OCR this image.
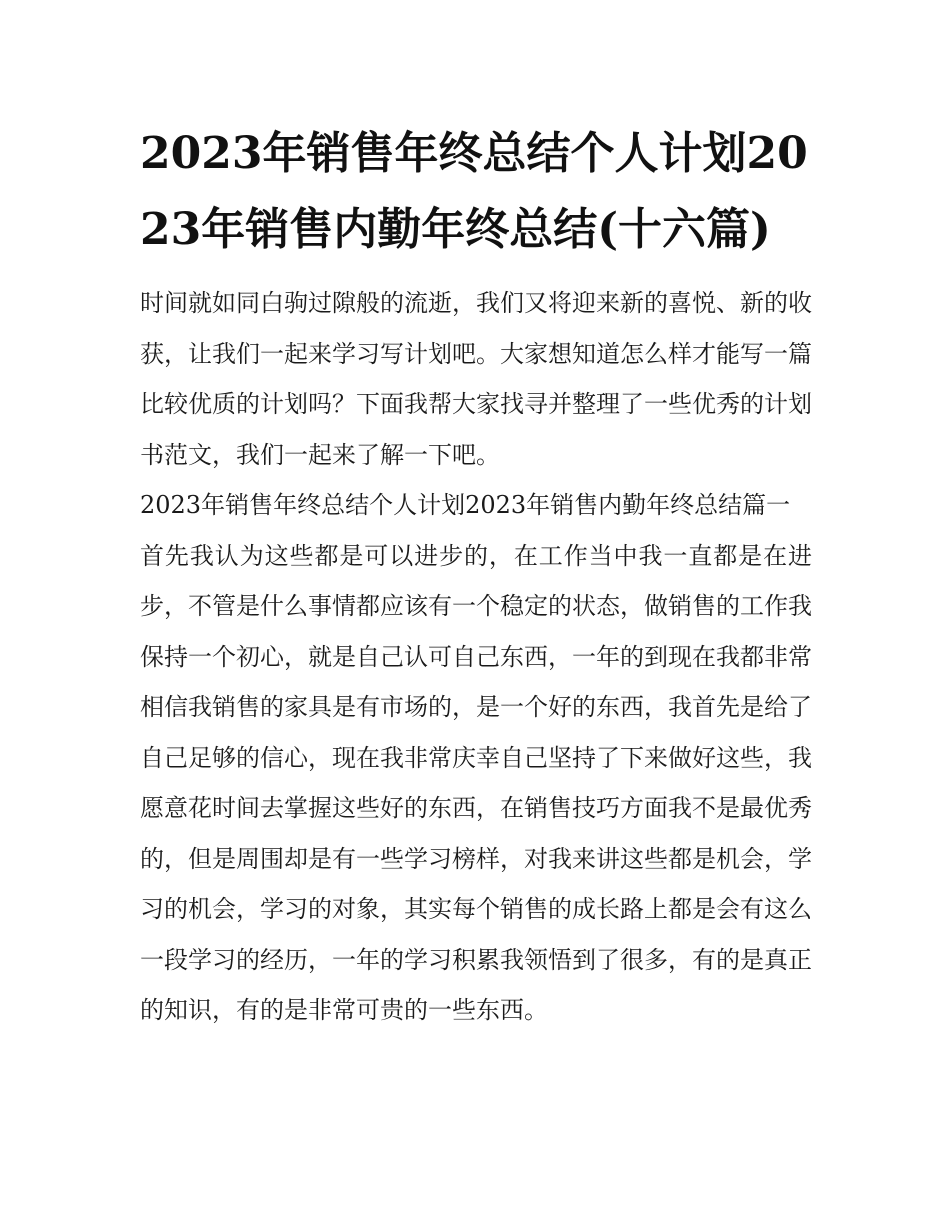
2023年销售年终总结个人计划2023年销售内勤年终总结(十六篇)

时间就如同白驹过隙般的流逝，我们又将迎来新的喜悦、新的收获，让我们一起来学习写计划吧。大家想知道怎么样才能写一篇比较优质的计划吗？下面我帮大家找寻并整理了一些优秀的计划书范文，我们一起来了解一下吧。

2023年销售年终总结个人计划2023年销售内勤年终总结篇一

首先我认为这些都是可以进步的，在工作当中我一直都是在进步，不管是什么事情都应该有一个稳定的状态，做销售的工作我保持一个初心，就是自己认可自己东西，一年的到现在我都非常相信我销售的家具是有市场的，是一个好的东西，我首先是给了自己足够的信心，现在我非常庆幸自己坚持了下来做好这些，我愿意花时间去掌握这些好的东西，在销售技巧方面我不是最优秀的，但是周围却是有一些学习榜样，对我来讲这些都是机会，学习的机会，学习的对象，其实每个销售的成长路上都是会有这么一段学习的经历，一年的学习积累我领悟到了很多，有的是真正的知识，有的是非常可贵的一些东西。
